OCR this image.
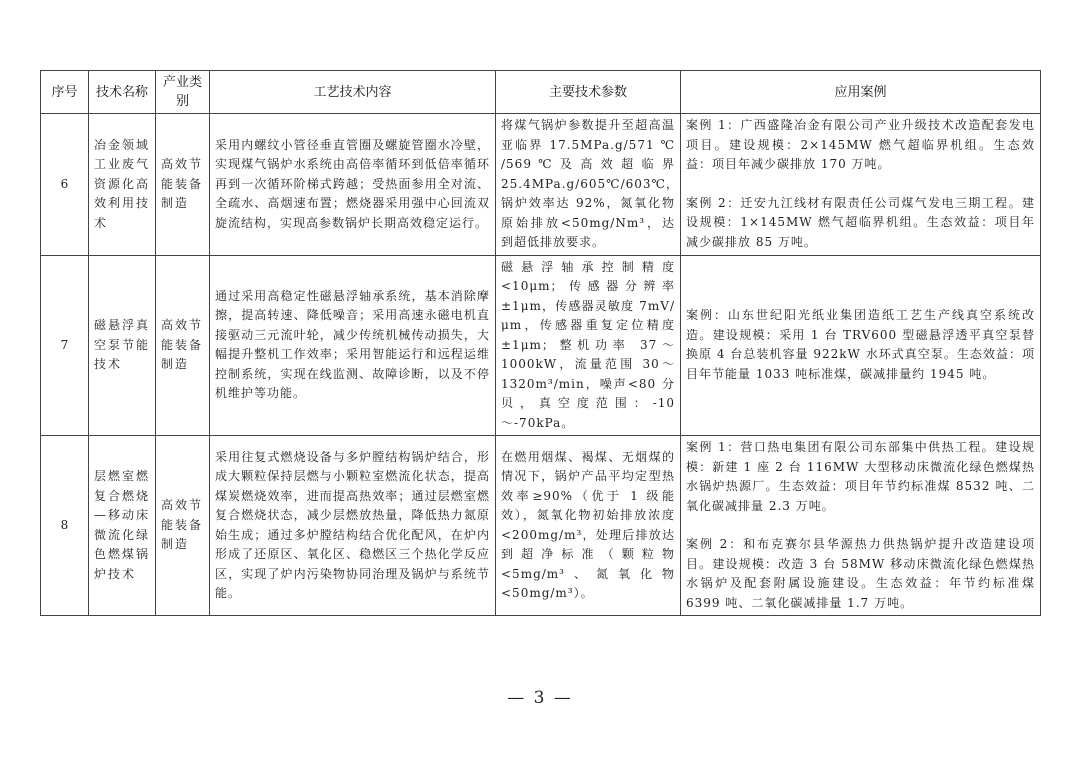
序号	技术名称	产业类别	工艺技术内容	主要技术参数	应用案例
6	冶金领域工业废气资源化高效利用技术	高效节能装备制造	采用内螺纹小管径垂直管圈及螺旋管圈水冷壁，实现煤气锅炉水系统由高倍率循环到低倍率循环再到一次循环阶梯式跨越；受热面参用全对流、全疏水、高烟速布置；燃烧器采用强中心回流双旋流结构，实现高参数锅炉长期高效稳定运行。	将煤气锅炉参数提升至超高温亚临界 17.5MPa.g/571 ℃ /569 ℃ 及 高 效 超 临 界 25.4MPa.g/605℃/603℃，锅炉效率达 92%，氮氧化物原始排放<50mg/Nm³，达到超低排放要求。	案例 1：广西盛隆冶金有限公司产业升级技术改造配套发电项目。建设规模：2×145MW 燃气超临界机组。生态效益：项目年减少碳排放 170 万吨。

案例 2：迁安九江线材有限责任公司煤气发电三期工程。建设规模：1×145MW 燃气超临界机组。生态效益：项目年减少碳排放 85 万吨。

7	磁悬浮真空泵节能技术	高效节能装备制造	通过采用高稳定性磁悬浮轴承系统，基本消除摩擦，提高转速、降低噪音；采用高速永磁电机直接驱动三元流叶轮，减少传统机械传动损失，大幅提升整机工作效率；采用智能运行和远程运维控制系统，实现在线监测、故障诊断，以及不停机维护等功能。	磁悬浮轴承控制精度<10μm；传感器分辨率±1μm，传感器灵敏度 7mV/μm，传感器重复定位精度±1μm；整机功率 37～1000kW，流量范围 30～1320m³/min，噪声<80 分贝，真空度范围：-10～-70kPa。	案例：山东世纪阳光纸业集团造纸工艺生产线真空系统改造。建设规模：采用 1 台 TRV600 型磁悬浮透平真空泵替换原 4 台总装机容量 922kW 水环式真空泵。生态效益：项目年节能量 1033 吨标准煤，碳减排量约 1945 吨。

8	层燃室燃复合燃烧—移动床微流化绿色燃煤锅炉技术	高效节能装备制造	采用往复式燃烧设备与多炉膛结构锅炉结合，形成大颗粒保持层燃与小颗粒室燃流化状态，提高煤炭燃烧效率，进而提高热效率；通过层燃室燃复合燃烧状态，减少层燃放热量，降低热力氮原始生成；通过多炉膛结构结合优化配风，在炉内形成了还原区、氧化区、稳燃区三个热化学反应区，实现了炉内污染物协同治理及锅炉与系统节能。	在燃用烟煤、褐煤、无烟煤的情况下，锅炉产品平均定型热效率≥90%（优于 1 级能效），氮氧化物初始排放浓度<200mg/m³，处理后排放达到超净标准（颗粒物<5mg/m³、氮氧化物<50mg/m³）。	案例 1：营口热电集团有限公司东部集中供热工程。建设规模：新建 1 座 2 台 116MW 大型移动床微流化绿色燃煤热水锅炉热源厂。生态效益：项目年节约标准煤 8532 吨、二氧化碳减排量 2.3 万吨。

案例 2：和布克赛尔县华源热力供热锅炉提升改造建设项目。建设规模：改造 3 台 58MW 移动床微流化绿色燃煤热水锅炉及配套附属设施建设。生态效益：年节约标准煤 6399 吨、二氧化碳减排量 1.7 万吨。

— 3 —
